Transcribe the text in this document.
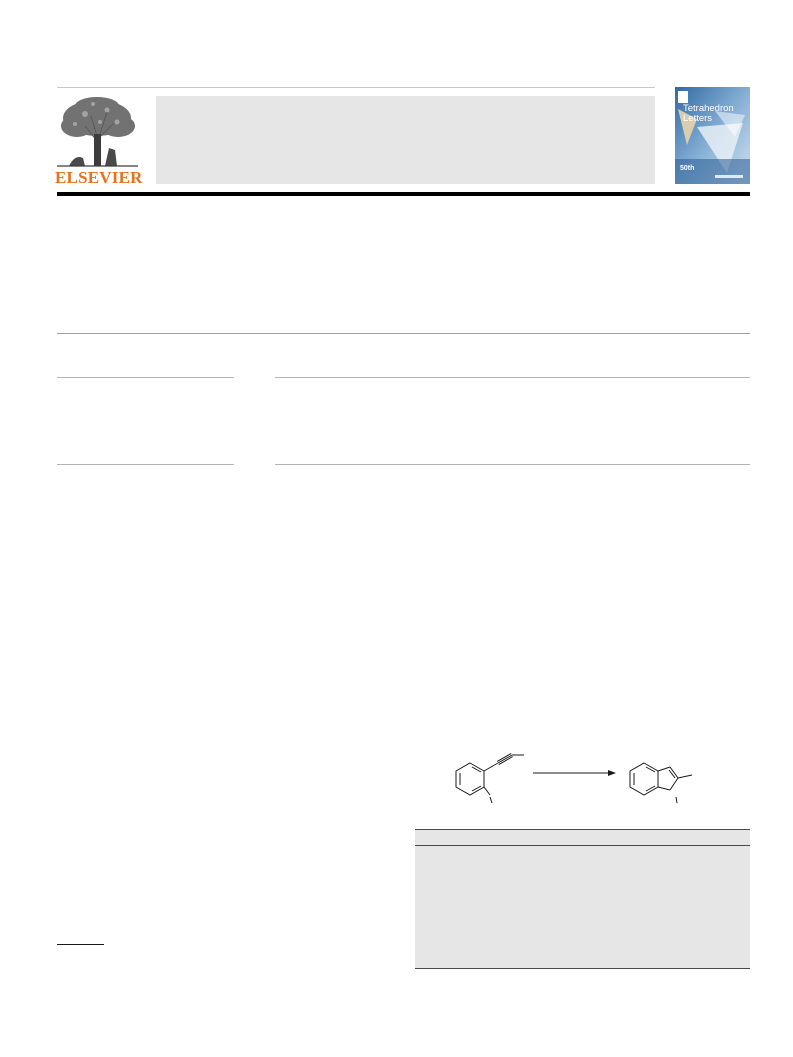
ELSEVIER
Tetrahedron
Letters
50th
